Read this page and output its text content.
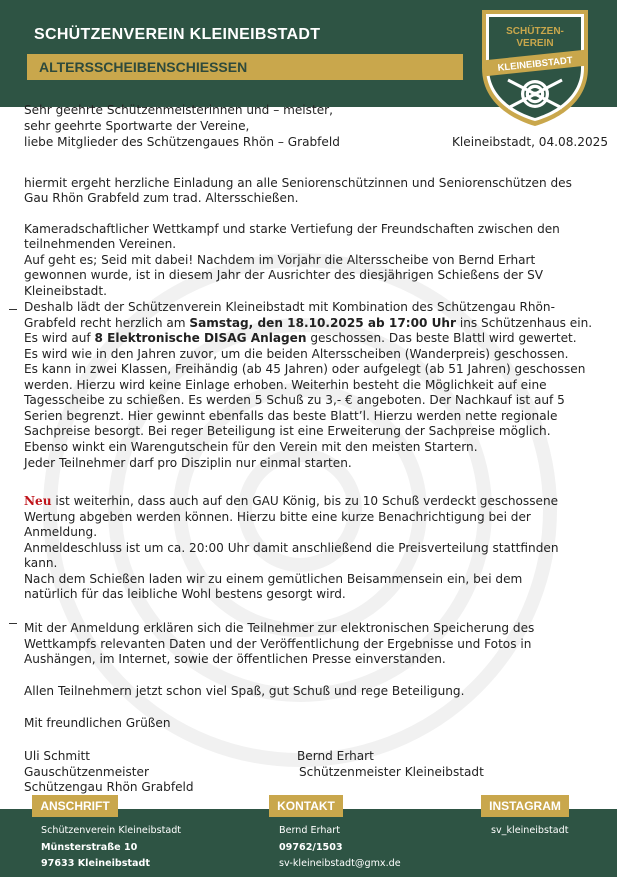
SCHÜTZENVEREIN KLEINEIBSTADT
ALTERSSCHEIBENSCHIESSEN
SCHÜTZEN-
VEREIN
KLEINEIBSTADT
Sehr geehrte Schützenmeisterinnen und – meister,
sehr geehrte Sportwarte der Vereine,
liebe Mitglieder des Schützengaues Rhön – Grabfeld	Kleineibstadt, 04.08.2025
hiermit ergeht herzliche Einladung an alle Seniorenschützinnen und Seniorenschützen des
Gau Rhön Grabfeld zum trad. Altersschießen.
Kameradschaftlicher Wettkampf und starke Vertiefung der Freundschaften zwischen den
teilnehmenden Vereinen.
Auf geht es; Seid mit dabei! Nachdem im Vorjahr die Altersscheibe von Bernd Erhart
gewonnen wurde, ist in diesem Jahr der Ausrichter des diesjährigen Schießens der SV
Kleineibstadt.
Deshalb lädt der Schützenverein Kleineibstadt mit Kombination des Schützengau Rhön-
Grabfeld recht herzlich am Samstag, den 18.10.2025 ab 17:00 Uhr ins Schützenhaus ein.
Es wird auf 8 Elektronische DISAG Anlagen geschossen. Das beste Blattl wird gewertet.
Es wird wie in den Jahren zuvor, um die beiden Altersscheiben (Wanderpreis) geschossen.
Es kann in zwei Klassen, Freihändig (ab 45 Jahren) oder aufgelegt (ab 51 Jahren) geschossen
werden. Hierzu wird keine Einlage erhoben. Weiterhin besteht die Möglichkeit auf eine
Tagesscheibe zu schießen. Es werden 5 Schuß zu 3,- € angeboten. Der Nachkauf ist auf 5
Serien begrenzt. Hier gewinnt ebenfalls das beste Blatt’l. Hierzu werden nette regionale
Sachpreise besorgt. Bei reger Beteiligung ist eine Erweiterung der Sachpreise möglich.
Ebenso winkt ein Warengutschein für den Verein mit den meisten Startern.
Jeder Teilnehmer darf pro Disziplin nur einmal starten.
Neu ist weiterhin, dass auch auf den GAU König, bis zu 10 Schuß verdeckt geschossene
Wertung abgeben werden können. Hierzu bitte eine kurze Benachrichtigung bei der
Anmeldung.
Anmeldeschluss ist um ca. 20:00 Uhr damit anschließend die Preisverteilung stattfinden
kann.
Nach dem Schießen laden wir zu einem gemütlichen Beisammensein ein, bei dem
natürlich für das leibliche Wohl bestens gesorgt wird.
Mit der Anmeldung erklären sich die Teilnehmer zur elektronischen Speicherung des
Wettkampfs relevanten Daten und der Veröffentlichung der Ergebnisse und Fotos in
Aushängen, im Internet, sowie der öffentlichen Presse einverstanden.
Allen Teilnehmern jetzt schon viel Spaß, gut Schuß und rege Beteiligung.
Mit freundlichen Grüßen
Uli Schmitt
Gauschützenmeister
Schützengau Rhön Grabfeld
Bernd Erhart
Schützenmeister Kleineibstadt
Schützenverein Kleineibstadt
Münsterstraße 10
97633 Kleineibstadt
Bernd Erhart
09762/1503
sv-kleineibstadt@gmx.de
sv_kleineibstadt
ANSCHRIFT	KONTAKT	INSTAGRAM
